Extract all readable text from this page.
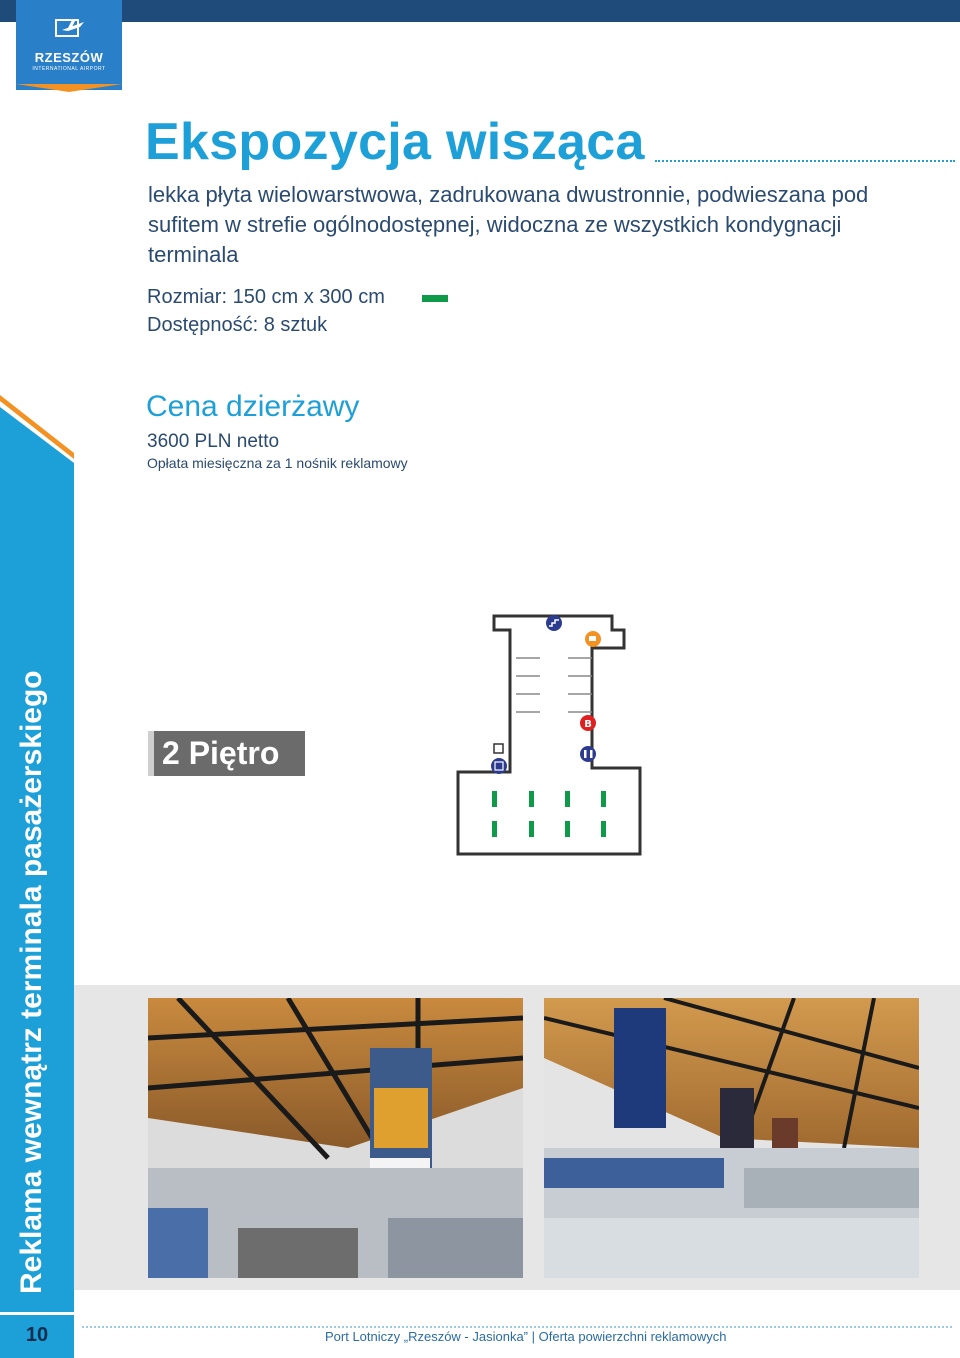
RZESZÓW
INTERNATIONAL AIRPORT
Reklama wewnątrz terminala pasażerskiego
10
Ekspozycja wisząca
lekka płyta wielowarstwowa, zadrukowana dwustronnie, podwieszana pod sufitem w strefie ogólnodostępnej, widoczna ze wszystkich kondygnacji terminala
Rozmiar: 150 cm x 300 cm
Dostępność: 8 sztuk
Cena dzierżawy
3600 PLN netto
Opłata miesięczna za 1 nośnik reklamowy
2 Piętro
B
Port Lotniczy „Rzeszów - Jasionka” | Oferta powierzchni reklamowych
